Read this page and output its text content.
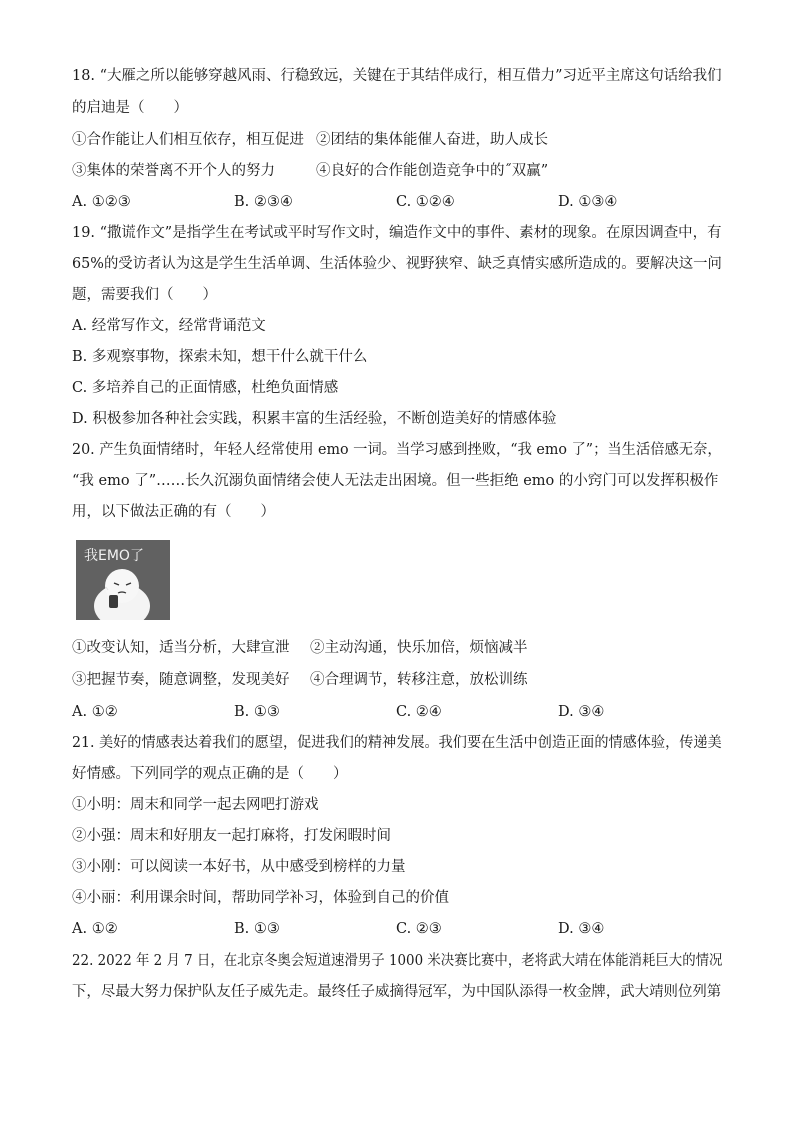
18. “大雁之所以能够穿越风雨、行稳致远，关键在于其结伴成行，相互借力”习近平主席这句话给我们
的启迪是（　　）
①合作能让人们相互依存，相互促进 ②团结的集体能催人奋进，助人成长
③集体的荣誉离不开个人的努力	④良好的合作能创造竞争中的˝双赢”
A. ①②③	B. ②③④	C. ①②④	D. ①③④
19. “撒谎作文”是指学生在考试或平时写作文时，编造作文中的事件、素材的现象。在原因调查中，有
65%的受访者认为这是学生生活单调、生活体验少、视野狭窄、缺乏真情实感所造成的。要解决这一问
题，需要我们（　　）
A. 经常写作文，经常背诵范文
B. 多观察事物，探索未知，想干什么就干什么
C. 多培养自己的正面情感，杜绝负面情感
D. 积极参加各种社会实践，积累丰富的生活经验，不断创造美好的情感体验
20. 产生负面情绪时，年轻人经常使用 emo 一词。当学习感到挫败，“我 emo 了”；当生活倍感无奈，
“我 emo 了”……长久沉溺负面情绪会使人无法走出困境。但一些拒绝 emo 的小窍门可以发挥积极作
用，以下做法正确的有（　　）
我EMO了
①改变认知，适当分析，大肆宣泄 ②主动沟通，快乐加倍，烦恼减半
③把握节奏，随意调整，发现美好 ④合理调节，转移注意，放松训练
A. ①②	B. ①③	C. ②④	D. ③④
21. 美好的情感表达着我们的愿望，促进我们的精神发展。我们要在生活中创造正面的情感体验，传递美
好情感。下列同学的观点正确的是（　　）
①小明：周末和同学一起去网吧打游戏
②小强：周末和好朋友一起打麻将，打发闲暇时间
③小刚：可以阅读一本好书，从中感受到榜样的力量
④小丽：利用课余时间，帮助同学补习，体验到自己的价值
A. ①②	B. ①③	C. ②③	D. ③④
22. 2022 年 2 月 7 日，在北京冬奥会短道速滑男子 1000 米决赛比赛中，老将武大靖在体能消耗巨大的情况
下，尽最大努力保护队友任子威先走。最终任子威摘得冠军，为中国队添得一枚金牌，武大靖则位列第
